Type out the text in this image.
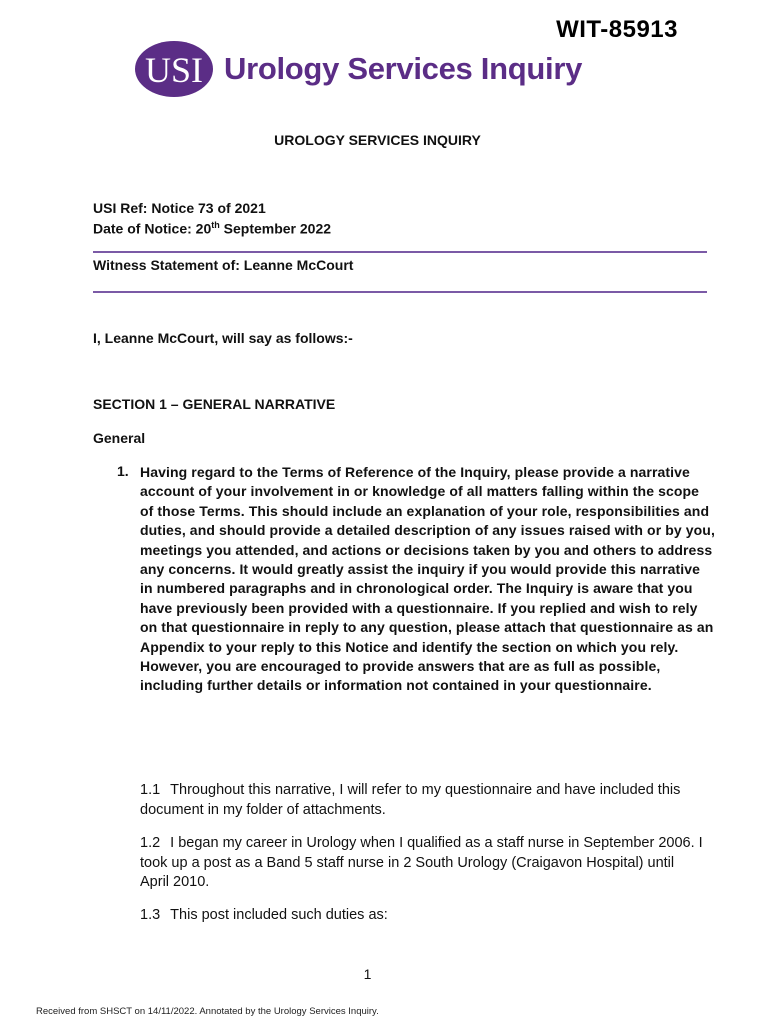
WIT-85913
USI Urology Services Inquiry
UROLOGY SERVICES INQUIRY
USI Ref: Notice 73 of 2021
Date of Notice: 20th September 2022
Witness Statement of: Leanne McCourt
I, Leanne McCourt, will say as follows:-
SECTION 1 – GENERAL NARRATIVE
General
1. Having regard to the Terms of Reference of the Inquiry, please provide a narrative account of your involvement in or knowledge of all matters falling within the scope of those Terms. This should include an explanation of your role, responsibilities and duties, and should provide a detailed description of any issues raised with or by you, meetings you attended, and actions or decisions taken by you and others to address any concerns. It would greatly assist the inquiry if you would provide this narrative in numbered paragraphs and in chronological order. The Inquiry is aware that you have previously been provided with a questionnaire. If you replied and wish to rely on that questionnaire in reply to any question, please attach that questionnaire as an Appendix to your reply to this Notice and identify the section on which you rely. However, you are encouraged to provide answers that are as full as possible, including further details or information not contained in your questionnaire.

1.1 Throughout this narrative, I will refer to my questionnaire and have included this document in my folder of attachments.

1.2 I began my career in Urology when I qualified as a staff nurse in September 2006. I took up a post as a Band 5 staff nurse in 2 South Urology (Craigavon Hospital) until April 2010.

1.3 This post included such duties as:

1
Received from SHSCT on 14/11/2022. Annotated by the Urology Services Inquiry.
